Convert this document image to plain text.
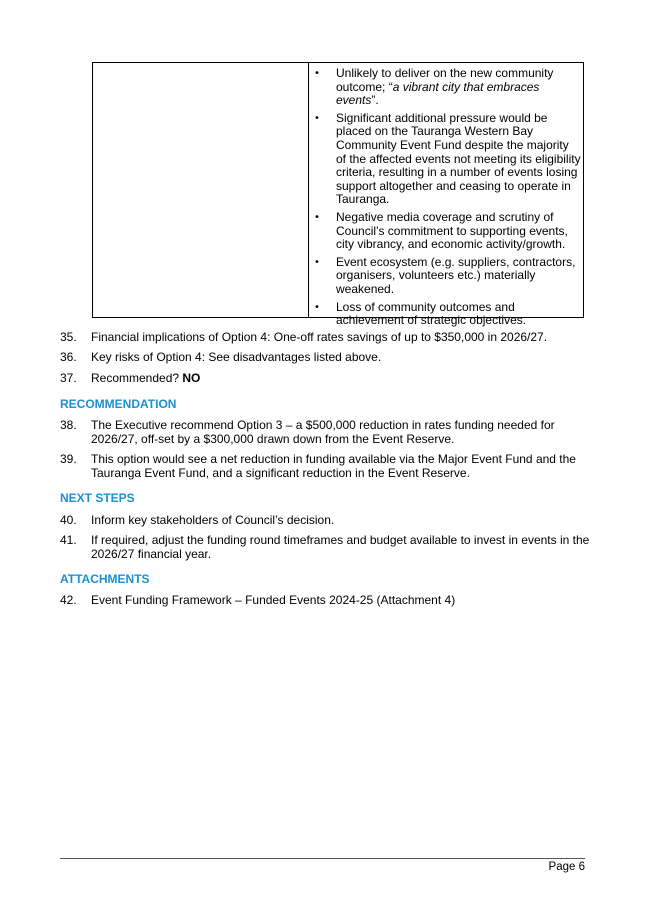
• Unlikely to deliver on the new community outcome; “a vibrant city that embraces events”.
• Significant additional pressure would be placed on the Tauranga Western Bay Community Event Fund despite the majority of the affected events not meeting its eligibility criteria, resulting in a number of events losing support altogether and ceasing to operate in Tauranga.
• Negative media coverage and scrutiny of Council’s commitment to supporting events, city vibrancy, and economic activity/growth.
• Event ecosystem (e.g. suppliers, contractors, organisers, volunteers etc.) materially weakened.
• Loss of community outcomes and achievement of strategic objectives.
35.	Financial implications of Option 4: One-off rates savings of up to $350,000 in 2026/27.
36.	Key risks of Option 4: See disadvantages listed above.
37.	Recommended? NO
RECOMMENDATION
38.	The Executive recommend Option 3 – a $500,000 reduction in rates funding needed for 2026/27, off-set by a $300,000 drawn down from the Event Reserve.
39.	This option would see a net reduction in funding available via the Major Event Fund and the Tauranga Event Fund, and a significant reduction in the Event Reserve.
NEXT STEPS
40.	Inform key stakeholders of Council’s decision.
41.	If required, adjust the funding round timeframes and budget available to invest in events in the 2026/27 financial year.
ATTACHMENTS
42.	Event Funding Framework – Funded Events 2024-25 (Attachment 4)
Page 6
